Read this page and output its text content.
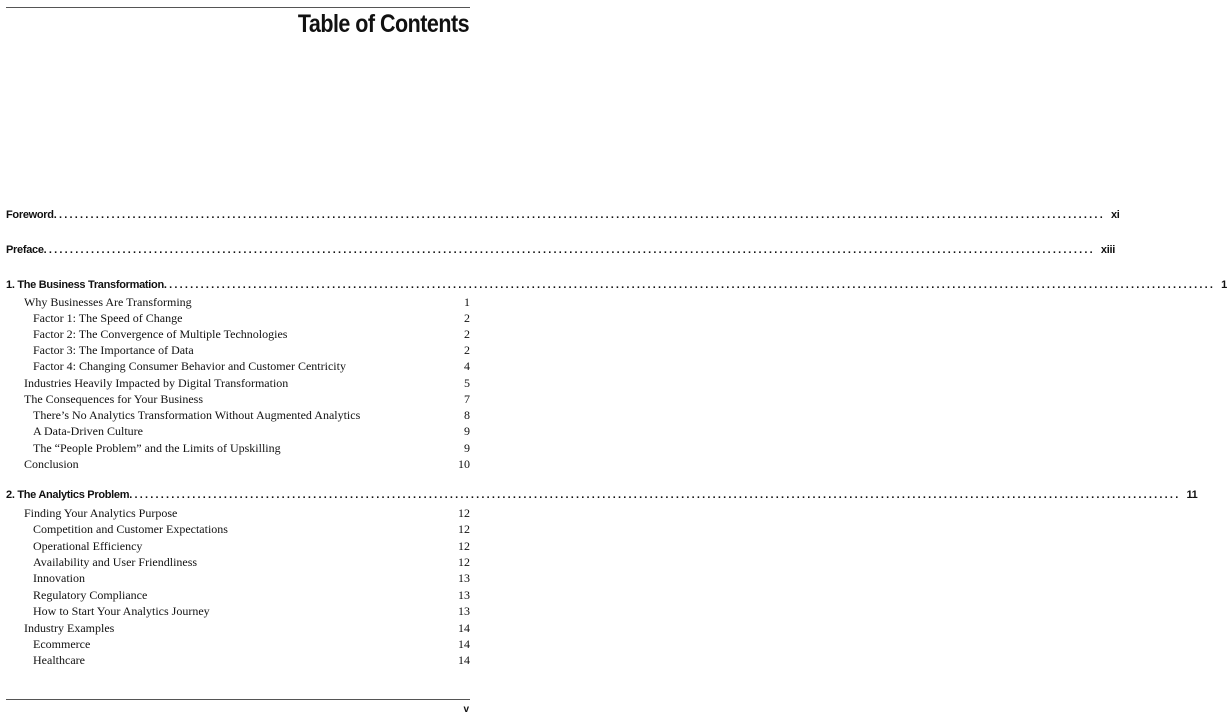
Table of Contents
Foreword ........................................................................................................................................................................................................ xi
Preface ........................................................................................................................................................................................................ xiii
1. The Business Transformation ........................................................................................................................................................................................................ 1
Why Businesses Are Transforming	1
Factor 1: The Speed of Change	2
Factor 2: The Convergence of Multiple Technologies	2
Factor 3: The Importance of Data	2
Factor 4: Changing Consumer Behavior and Customer Centricity	4
Industries Heavily Impacted by Digital Transformation	5
The Consequences for Your Business	7
There’s No Analytics Transformation Without Augmented Analytics	8
A Data-Driven Culture	9
The “People Problem” and the Limits of Upskilling	9
Conclusion	10
2. The Analytics Problem ........................................................................................................................................................................................................ 11
Finding Your Analytics Purpose	12
Competition and Customer Expectations	12
Operational Efficiency	12
Availability and User Friendliness	12
Innovation	13
Regulatory Compliance	13
How to Start Your Analytics Journey	13
Industry Examples	14
Ecommerce	14
Healthcare	14
v
